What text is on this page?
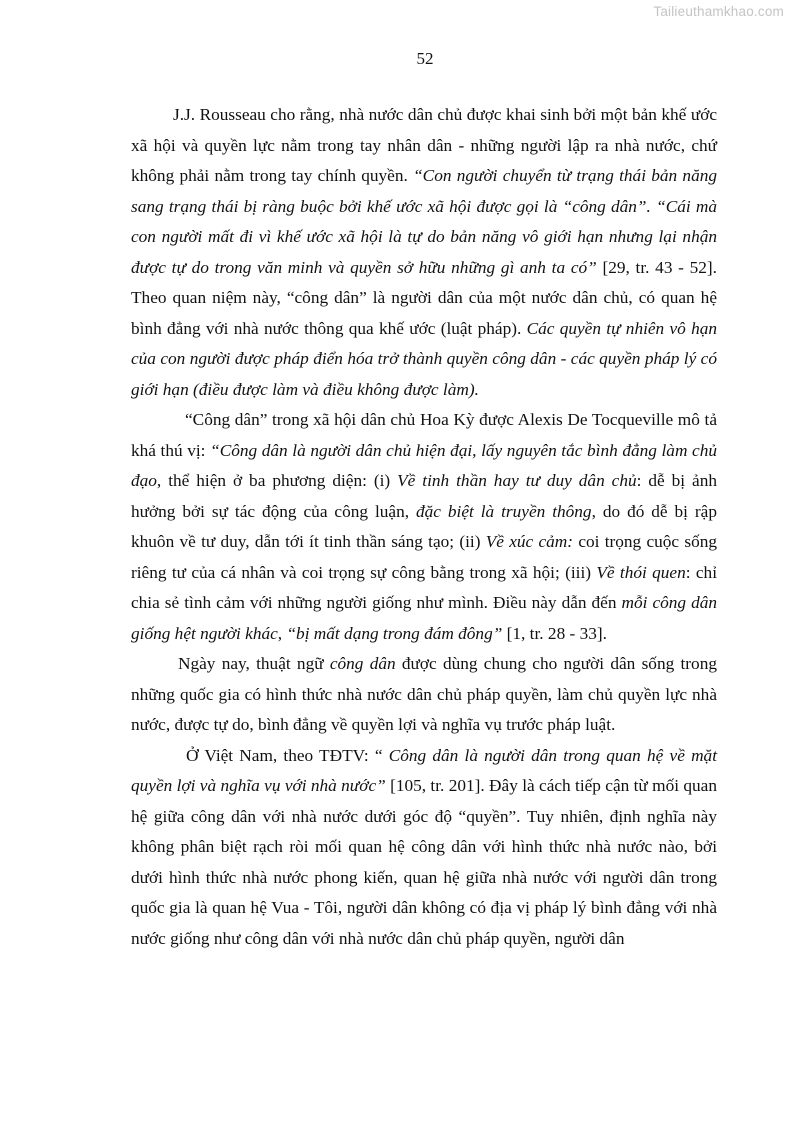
Tailieuthamkhao.com
52

J.J. Rousseau cho rằng, nhà nước dân chủ được khai sinh bởi một bản khế ước xã hội và quyền lực nằm trong tay nhân dân - những người lập ra nhà nước, chứ không phải nằm trong tay chính quyền. “Con người chuyển từ trạng thái bản năng sang trạng thái bị ràng buộc bởi khế ước xã hội được gọi là “công dân”. “Cái mà con người mất đi vì khế ước xã hội là tự do bản năng vô giới hạn nhưng lại nhận được tự do trong văn minh và quyền sở hữu những gì anh ta có” [29, tr. 43 - 52]. Theo quan niệm này, “công dân” là người dân của một nước dân chủ, có quan hệ bình đẳng với nhà nước thông qua khế ước (luật pháp). Các quyền tự nhiên vô hạn của con người được pháp điển hóa trở thành quyền công dân - các quyền pháp lý có giới hạn (điều được làm và điều không được làm).

“Công dân” trong xã hội dân chủ Hoa Kỳ được Alexis De Tocqueville mô tả khá thú vị: “Công dân là người dân chủ hiện đại, lấy nguyên tắc bình đẳng làm chủ đạo, thể hiện ở ba phương diện: (i) Về tinh thần hay tư duy dân chủ: dễ bị ảnh hưởng bởi sự tác động của công luận, đặc biệt là truyền thông, do đó dễ bị rập khuôn về tư duy, dẫn tới ít tinh thần sáng tạo; (ii) Về xúc cảm: coi trọng cuộc sống riêng tư của cá nhân và coi trọng sự công bằng trong xã hội; (iii) Về thói quen: chỉ chia sẻ tình cảm với những người giống như mình. Điều này dẫn đến mỗi công dân giống hệt người khác, “bị mất dạng trong đám đông” [1, tr. 28 - 33].

Ngày nay, thuật ngữ công dân được dùng chung cho người dân sống trong những quốc gia có hình thức nhà nước dân chủ pháp quyền, làm chủ quyền lực nhà nước, được tự do, bình đẳng về quyền lợi và nghĩa vụ trước pháp luật.

Ở Việt Nam, theo TĐTV: “ Công dân là người dân trong quan hệ về mặt quyền lợi và nghĩa vụ với nhà nước” [105, tr. 201]. Đây là cách tiếp cận từ mối quan hệ giữa công dân với nhà nước dưới góc độ “quyền”. Tuy nhiên, định nghĩa này không phân biệt rạch ròi mối quan hệ công dân với hình thức nhà nước nào, bởi dưới hình thức nhà nước phong kiến, quan hệ giữa nhà nước với người dân trong quốc gia là quan hệ Vua - Tôi, người dân không có địa vị pháp lý bình đẳng với nhà nước giống như công dân với nhà nước dân chủ pháp quyền, người dân
